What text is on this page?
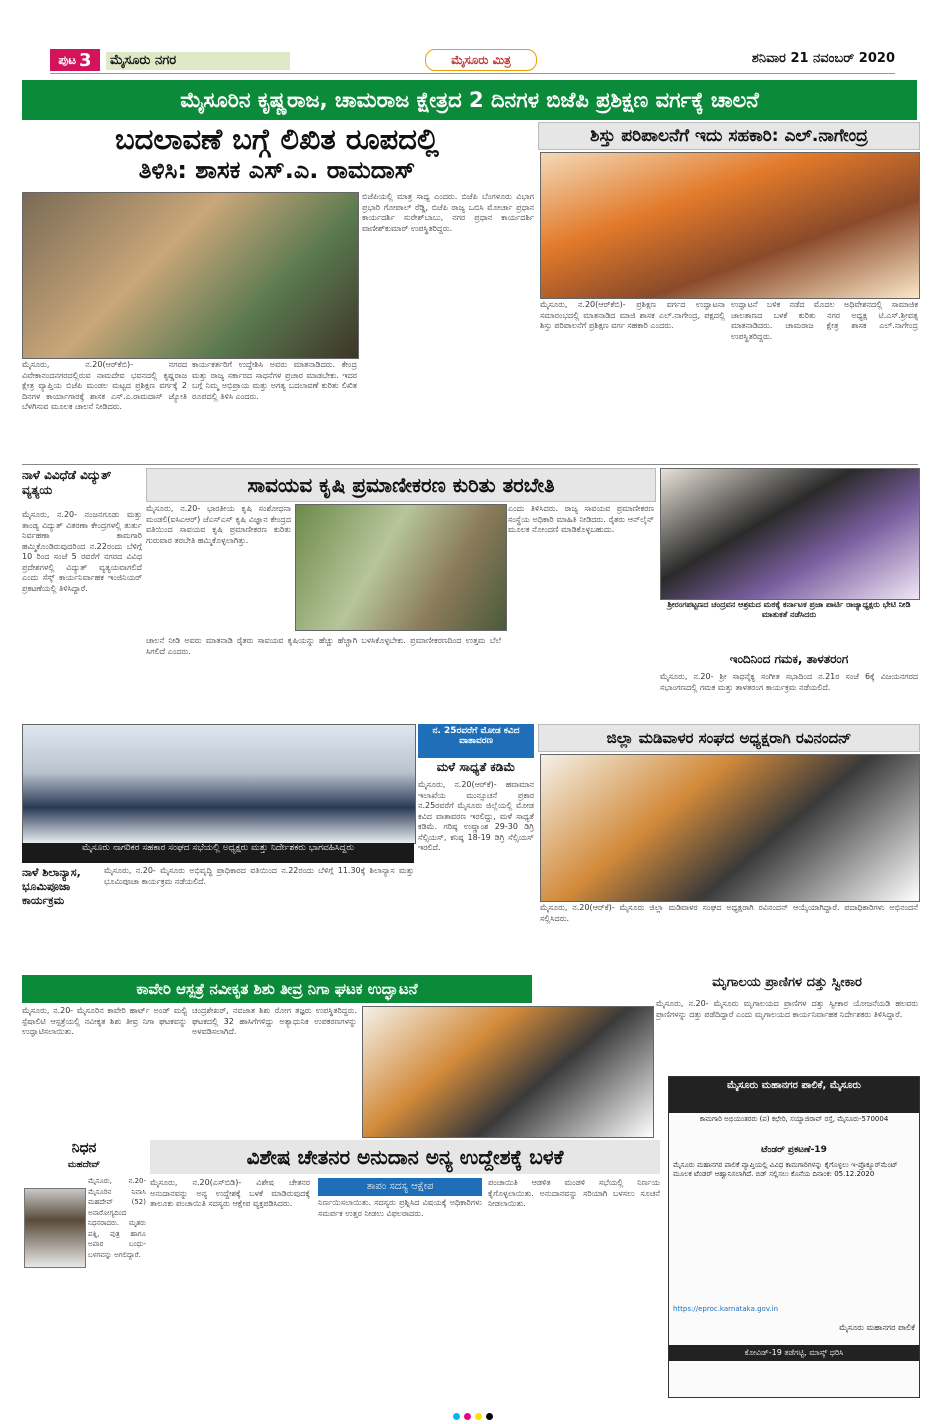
ಪುಟ 3	ಮೈಸೂರು ನಗರ	ಮೈಸೂರು ಮಿತ್ರ	ಶನಿವಾರ 21 ನವಂಬರ್ 2020
ಮೈಸೂರಿನ ಕೃಷ್ಣರಾಜ, ಚಾಮರಾಜ ಕ್ಷೇತ್ರದ 2 ದಿನಗಳ ಬಿಜೆಪಿ ಪ್ರಶಿಕ್ಷಣ ವರ್ಗಕ್ಕೆ ಚಾಲನೆ
ಬದಲಾವಣೆ ಬಗ್ಗೆ ಲಿಖಿತ ರೂಪದಲ್ಲಿ
ತಿಳಿಸಿ: ಶಾಸಕ ಎಸ್.ಎ. ರಾಮದಾಸ್
ಮೈಸೂರು, ನ.20(ಆರ್‌ಕೆಬಿ)- ನಗರದ ವಿವೇಕಾನಂದನಗರದಲ್ಲಿರುವ ನಾಮದೇವ ಭವನದಲ್ಲಿ ಕೃಷ್ಣರಾಜ ಕ್ಷೇತ್ರ ವ್ಯಾಪ್ತಿಯ ಬಿಜೆಪಿ ಮಂಡಲ ಮಟ್ಟದ ಪ್ರಶಿಕ್ಷಣ ವರ್ಗಕ್ಕೆ 2 ದಿನಗಳ ಕಾರ್ಯಾಗಾರಕ್ಕೆ ಶಾಸಕ ಎಸ್.ಎ.ರಾಮದಾಸ್ ಜ್ಯೋತಿ ಬೆಳಗಿಸುವ ಮೂಲಕ ಚಾಲನೆ ನೀಡಿದರು.
ಕಾರ್ಯಕರ್ತರಿಗೆ ಉದ್ದೇಶಿಸಿ ಅವರು ಮಾತನಾಡಿದರು. ಕೇಂದ್ರ ಮತ್ತು ರಾಜ್ಯ ಸರ್ಕಾರದ ಸಾಧನೆಗಳ ಪ್ರಚಾರ ಮಾಡಬೇಕು. ಇದರ ಬಗ್ಗೆ ನಿಮ್ಮ ಅಭಿಪ್ರಾಯ ಮತ್ತು ಅಗತ್ಯ ಬದಲಾವಣೆ ಕುರಿತು ಲಿಖಿತ ರೂಪದಲ್ಲಿ ತಿಳಿಸಿ ಎಂದರು.
ಬಿಜೆಪಿಯಲ್ಲಿ ಮಾತ್ರ ಸಾಧ್ಯ ಎಂದರು. ಬಿಜೆಪಿ ಬೆಂಗಳೂರು ವಿಭಾಗ ಪ್ರಭಾರಿ ಗೋಪಾಲ್ ರೆಡ್ಡಿ, ಬಿಜೆಪಿ ರಾಜ್ಯ ಒಬಿಸಿ ಮೋರ್ಚಾ ಪ್ರಧಾನ ಕಾರ್ಯದರ್ಶಿ ಸುರೇಶ್‌ಬಾಬು, ನಗರ ಪ್ರಧಾನ ಕಾರ್ಯದರ್ಶಿ ವಾಣೀಶ್‌ಕುಮಾರ್ ಉಪಸ್ಥಿತರಿದ್ದರು.
ಶಿಸ್ತು ಪರಿಪಾಲನೆಗೆ ಇದು ಸಹಕಾರಿ: ಎಲ್.ನಾಗೇಂದ್ರ
ಮೈಸೂರು, ನ.20(ಆರ್‌ಕೆಬಿ)- ಪ್ರಶಿಕ್ಷಣ ವರ್ಗದ ಉದ್ಘಾಟನಾ ಸಮಾರಂಭದಲ್ಲಿ ಮಾತನಾಡಿದ ಮಾಜಿ ಶಾಸಕ ಎಲ್.ನಾಗೇಂದ್ರ, ಪಕ್ಷದಲ್ಲಿ ಶಿಸ್ತು ಪರಿಪಾಲನೆಗೆ ಪ್ರಶಿಕ್ಷಣ ವರ್ಗ ಸಹಕಾರಿ ಎಂದರು.
ಉದ್ಘಾಟನೆ ಬಳಿಕ ನಡೆದ ಮೊದಲ ಅಧಿವೇಶನದಲ್ಲಿ ಸಾಮಾಜಿಕ ಜಾಲತಾಣದ ಬಳಕೆ ಕುರಿತು ನಗರ ಅಧ್ಯಕ್ಷ ಟಿ.ಎಸ್.ಶ್ರೀವತ್ಸ ಮಾತನಾಡಿದರು. ಚಾಮರಾಜ ಕ್ಷೇತ್ರ ಶಾಸಕ ಎಲ್.ನಾಗೇಂದ್ರ ಉಪಸ್ಥಿತರಿದ್ದರು.
ನಾಳೆ ವಿವಿಧೆಡೆ ವಿದ್ಯುತ್ ವ್ಯತ್ಯಯ
ಮೈಸೂರು, ನ.20- ನಂಜನಗೂಡು ಮತ್ತು ತಾಂಡ್ಯ ವಿದ್ಯುತ್ ವಿತರಣಾ ಕೇಂದ್ರಗಳಲ್ಲಿ ತುರ್ತು ನಿರ್ವಹಣಾ ಕಾಮಗಾರಿ ಹಮ್ಮಿಕೊಂಡಿರುವುದರಿಂದ ನ.22ರಂದು ಬೆಳಿಗ್ಗೆ 10 ರಿಂದ ಸಂಜೆ 5 ರವರೆಗೆ ನಗರದ ವಿವಿಧ ಪ್ರದೇಶಗಳಲ್ಲಿ ವಿದ್ಯುತ್ ವ್ಯತ್ಯಯವಾಗಲಿದೆ ಎಂದು ಸೆಸ್ಕ್ ಕಾರ್ಯನಿರ್ವಾಹಕ ಇಂಜಿನಿಯರ್ ಪ್ರಕಟಣೆಯಲ್ಲಿ ತಿಳಿಸಿದ್ದಾರೆ.
ಸಾವಯವ ಕೃಷಿ ಪ್ರಮಾಣೀಕರಣ ಕುರಿತು ತರಬೇತಿ
ಮೈಸೂರು, ನ.20- ಭಾರತೀಯ ಕೃಷಿ ಸಂಶೋಧನಾ ಮಂಡಲಿ(ಐಸಿಎಆರ್) ಜೆಎಸ್‌ಎಸ್ ಕೃಷಿ ವಿಜ್ಞಾನ ಕೇಂದ್ರದ ವತಿಯಿಂದ ಸಾವಯವ ಕೃಷಿ ಪ್ರಮಾಣೀಕರಣ ಕುರಿತು ಗುರುವಾರ ತರಬೇತಿ ಹಮ್ಮಿಕೊಳ್ಳಲಾಗಿತ್ತು.
ಚಾಲನೆ ನೀಡಿ ಅವರು ಮಾತನಾಡಿ ರೈತರು ಸಾವಯವ ಕೃಷಿಯನ್ನು ಹೆಚ್ಚು ಹೆಚ್ಚಾಗಿ ಬಳಸಿಕೊಳ್ಳಬೇಕು. ಪ್ರಮಾಣೀಕರಣದಿಂದ ಉತ್ತಮ ಬೆಲೆ ಸಿಗಲಿದೆ ಎಂದರು.
ಎಂದು ತಿಳಿಸಿದರು. ರಾಜ್ಯ ಸಾವಯವ ಪ್ರಮಾಣೀಕರಣ ಸಂಸ್ಥೆಯ ಅಧಿಕಾರಿ ಮಾಹಿತಿ ನೀಡಿದರು. ರೈತರು ಆನ್‌ಲೈನ್ ಮೂಲಕ ನೋಂದಣಿ ಮಾಡಿಕೊಳ್ಳಬಹುದು.
ಶ್ರೀರಂಗಪಟ್ಟಣದ ಚಂದ್ರವನ ಆಶ್ರಮದ ಮಠಕ್ಕೆ ಕರ್ನಾಟಕ ಪ್ರಜಾ ಪಾರ್ಟಿ ರಾಜ್ಯಾಧ್ಯಕ್ಷರು ಭೇಟಿ ನೀಡಿ ಮಾತುಕತೆ ನಡೆಸಿದರು
ಇಂದಿನಿಂದ ಗಮಕ, ತಾಳತರಂಗ
ಮೈಸೂರು, ನ.20- ಶ್ರೀ ಸಾಧನೈಕ್ಯ ಸಂಗೀತ ಸಭಾದಿಂದ ನ.21ರ ಸಂಜೆ 6ಕ್ಕೆ ವಿಜಯನಗರದ ಸಭಾಂಗಣದಲ್ಲಿ ಗಮಕ ಮತ್ತು ತಾಳತರಂಗ ಕಾರ್ಯಕ್ರಮ ನಡೆಯಲಿದೆ.
ಮೈಸೂರು ನಾಗರಿಕರ ಸಹಕಾರ ಸಂಘದ ಸಭೆಯಲ್ಲಿ ಅಧ್ಯಕ್ಷರು ಮತ್ತು ನಿರ್ದೇಶಕರು ಭಾಗವಹಿಸಿದ್ದರು
ನ. 25ರವರೆಗೆ ಮೋಡ ಕವಿದ ವಾತಾವರಣ
ಮಳೆ ಸಾಧ್ಯತೆ ಕಡಿಮೆ
ಮೈಸೂರು, ನ.20(ಆರ್‌ಕೆ)- ಹವಾಮಾನ ಇಲಾಖೆಯ ಮುನ್ಸೂಚನೆ ಪ್ರಕಾರ ನ.25ರವರೆಗೆ ಮೈಸೂರು ಜಿಲ್ಲೆಯಲ್ಲಿ ಮೋಡ ಕವಿದ ವಾತಾವರಣ ಇರಲಿದ್ದು, ಮಳೆ ಸಾಧ್ಯತೆ ಕಡಿಮೆ. ಗರಿಷ್ಠ ಉಷ್ಣಾಂಶ 29-30 ಡಿಗ್ರಿ ಸೆಲ್ಸಿಯಸ್, ಕನಿಷ್ಠ 18-19 ಡಿಗ್ರಿ ಸೆಲ್ಸಿಯಸ್ ಇರಲಿದೆ.
ಜಿಲ್ಲಾ ಮಡಿವಾಳರ ಸಂಘದ ಅಧ್ಯಕ್ಷರಾಗಿ ರವಿನಂದನ್
ಮೈಸೂರು, ನ.20(ಆರ್‌ಕೆ)- ಮೈಸೂರು ಜಿಲ್ಲಾ ಮಡಿವಾಳರ ಸಂಘದ ಅಧ್ಯಕ್ಷರಾಗಿ ರವಿನಂದನ್ ಆಯ್ಕೆಯಾಗಿದ್ದಾರೆ. ಪದಾಧಿಕಾರಿಗಳು ಅಭಿನಂದನೆ ಸಲ್ಲಿಸಿದರು.
ನಾಳೆ ಶಿಲಾನ್ಯಾಸ, ಭೂಮಿಪೂಜಾ ಕಾರ್ಯಕ್ರಮ
ಮೈಸೂರು, ನ.20- ಮೈಸೂರು ಅಭಿವೃದ್ಧಿ ಪ್ರಾಧಿಕಾರದ ವತಿಯಿಂದ ನ.22ರಂದು ಬೆಳಿಗ್ಗೆ 11.30ಕ್ಕೆ ಶಿಲಾನ್ಯಾಸ ಮತ್ತು ಭೂಮಿಪೂಜಾ ಕಾರ್ಯಕ್ರಮ ನಡೆಯಲಿದೆ.
ಕಾವೇರಿ ಆಸ್ಪತ್ರೆ ನವೀಕೃತ ಶಿಶು ತೀವ್ರ ನಿಗಾ ಘಟಕ ಉದ್ಘಾಟನೆ
ಮೈಸೂರು, ನ.20- ಮೈಸೂರಿನ ಕಾವೇರಿ ಹಾರ್ಟ್ ಅಂಡ್ ಮಲ್ಟಿ ಸ್ಪೆಷಾಲಿಟಿ ಆಸ್ಪತ್ರೆಯಲ್ಲಿ ನವೀಕೃತ ಶಿಶು ತೀವ್ರ ನಿಗಾ ಘಟಕವನ್ನು ಉದ್ಘಾಟಿಸಲಾಯಿತು.
ಚಂದ್ರಶೇಖರ್, ನವಜಾತ ಶಿಶು ರೋಗ ತಜ್ಞರು ಉಪಸ್ಥಿತರಿದ್ದರು. ಘಟಕದಲ್ಲಿ 32 ಹಾಸಿಗೆಗಳಿದ್ದು ಅತ್ಯಾಧುನಿಕ ಉಪಕರಣಗಳನ್ನು ಅಳವಡಿಸಲಾಗಿದೆ.
ಮೃಗಾಲಯ ಪ್ರಾಣಿಗಳ ದತ್ತು ಸ್ವೀಕಾರ
ಮೈಸೂರು, ನ.20- ಮೈಸೂರು ಮೃಗಾಲಯದ ಪ್ರಾಣಿಗಳ ದತ್ತು ಸ್ವೀಕಾರ ಯೋಜನೆಯಡಿ ಹಲವರು ಪ್ರಾಣಿಗಳನ್ನು ದತ್ತು ಪಡೆದಿದ್ದಾರೆ ಎಂದು ಮೃಗಾಲಯದ ಕಾರ್ಯನಿರ್ವಾಹಕ ನಿರ್ದೇಶಕರು ತಿಳಿಸಿದ್ದಾರೆ.
ಮೈಸೂರು ಮಹಾನಗರ ಪಾಲಿಕೆ, ಮೈಸೂರು
ಕಾಮಗಾರಿ ಅಭಿಯಂತರರು (ಪ) ಕಛೇರಿ, ಸಯ್ಯಾಜಿರಾವ್ ರಸ್ತೆ, ಮೈಸೂರು-570004
ಟೆಂಡರ್ ಪ್ರಕಟಣೆ-19
ಮೈಸೂರು ಮಹಾನಗರ ಪಾಲಿಕೆ ವ್ಯಾಪ್ತಿಯಲ್ಲಿ ವಿವಿಧ ಕಾಮಗಾರಿಗಳನ್ನು ಕೈಗೊಳ್ಳಲು ಇ-ಪ್ರೊಕ್ಯೂರ್‌ಮೆಂಟ್ ಮೂಲಕ ಟೆಂಡರ್ ಆಹ್ವಾನಿಸಲಾಗಿದೆ. ಬಿಡ್ ಸಲ್ಲಿಸಲು ಕೊನೆಯ ದಿನಾಂಕ: 05.12.2020
https://eproc.karnataka.gov.in
ಮೈಸೂರು ಮಹಾನಗರ ಪಾಲಿಕೆ
ಕೋವಿಡ್-19 ತಡೆಗಟ್ಟಿ, ಮಾಸ್ಕ್ ಧರಿಸಿ
ನಿಧನ
ಮಹದೇವ್
ಮೈಸೂರು, ನ.20- ಮೈಸೂರಿನ ನಿವಾಸಿ ಮಹದೇವ್ (52) ಅನಾರೋಗ್ಯದಿಂದ ನಿಧನರಾದರು. ಮೃತರು ಪತ್ನಿ, ಪುತ್ರ ಹಾಗೂ ಅಪಾರ ಬಂಧು-ಬಳಗವನ್ನು ಅಗಲಿದ್ದಾರೆ.
ವಿಶೇಷ ಚೇತನರ ಅನುದಾನ ಅನ್ಯ ಉದ್ದೇಶಕ್ಕೆ ಬಳಕೆ
ಮೈಸೂರು, ನ.20(ಎಸ್‌ಬಿಡಿ)- ವಿಶೇಷ ಚೇತನರ ಅನುದಾನವನ್ನು ಅನ್ಯ ಉದ್ದೇಶಕ್ಕೆ ಬಳಕೆ ಮಾಡಿರುವುದಕ್ಕೆ ತಾಲೂಕು ಪಂಚಾಯಿತಿ ಸದಸ್ಯರು ಆಕ್ಷೇಪ ವ್ಯಕ್ತಪಡಿಸಿದರು.
ತಾಪಂ ಸದಸ್ಯ ಆಕ್ಷೇಪ
ನಿರ್ಣಯಿಸಲಾಯಿತು. ಸದಸ್ಯರು ಪ್ರಶ್ನಿಸಿದ ವಿಷಯಕ್ಕೆ ಅಧಿಕಾರಿಗಳು ಸಮರ್ಪಕ ಉತ್ತರ ನೀಡಲು ವಿಫಲರಾದರು.
ಪಂಚಾಯಿತಿ ಆಡಳಿತ ಮಂಡಳಿ ಸಭೆಯಲ್ಲಿ ನಿರ್ಣಯ ಕೈಗೊಳ್ಳಲಾಯಿತು. ಅನುದಾನವನ್ನು ಸರಿಯಾಗಿ ಬಳಸಲು ಸೂಚನೆ ನೀಡಲಾಯಿತು.
